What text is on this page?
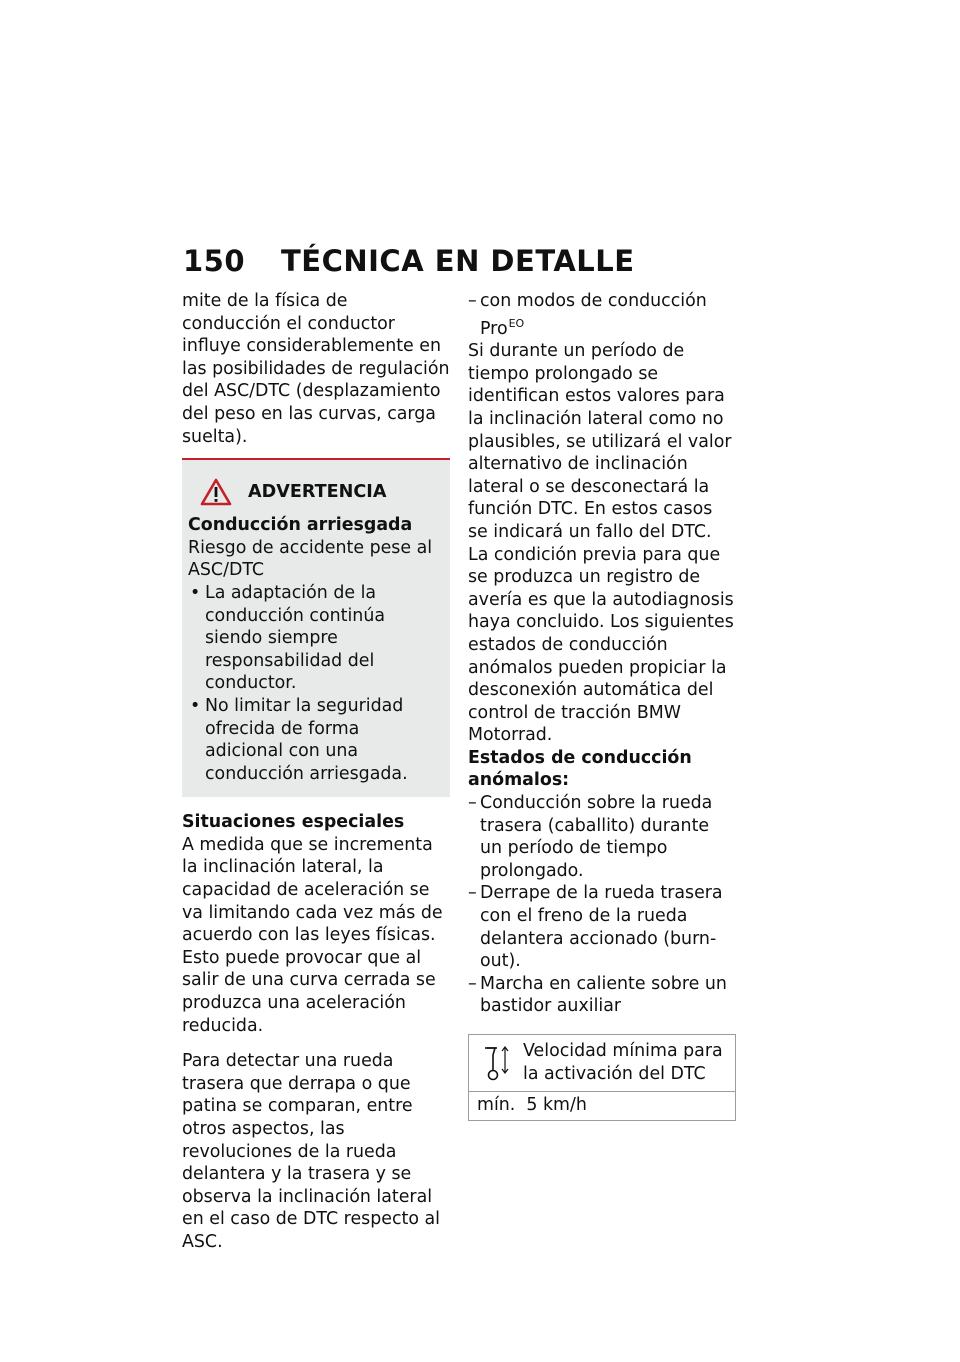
150 TÉCNICA EN DETALLE

mite de la física de conducción el conductor influye considerablemente en las posibilidades de regulación del ASC/DTC (desplazamiento del peso en las curvas, carga suelta).

ADVERTENCIA

Conducción arriesgada

Riesgo de accidente pese al ASC/DTC

• La adaptación de la conducción continúa siendo siempre responsabilidad del conductor.
• No limitar la seguridad ofrecida de forma adicional con una conducción arriesgada.

Situaciones especiales

A medida que se incrementa la inclinación lateral, la capacidad de aceleración se va limitando cada vez más de acuerdo con las leyes físicas. Esto puede provocar que al salir de una curva cerrada se produzca una aceleración reducida.

Para detectar una rueda trasera que derrapa o que patina se comparan, entre otros aspectos, las revoluciones de la rueda delantera y la trasera y se observa la inclinación lateral en el caso de DTC respecto al ASC.

– con modos de conducción Pro$^{EO}$

Si durante un período de tiempo prolongado se identifican estos valores para la inclinación lateral como no plausibles, se utilizará el valor alternativo de inclinación lateral o se desconectará la función DTC. En estos casos se indicará un fallo del DTC. La condición previa para que se produzca un registro de avería es que la autodiagnosis haya concluido. Los siguientes estados de conducción anómalos pueden propiciar la desconexión automática del control de tracción BMW Motorrad.

Estados de conducción anómalos:

– Conducción sobre la rueda trasera (caballito) durante un período de tiempo prolongado.
– Derrape de la rueda trasera con el freno de la rueda delantera accionado (burn-out).
– Marcha en caliente sobre un bastidor auxiliar
Velocidad mínima para la activación del DTC
mín.  5 km/h
